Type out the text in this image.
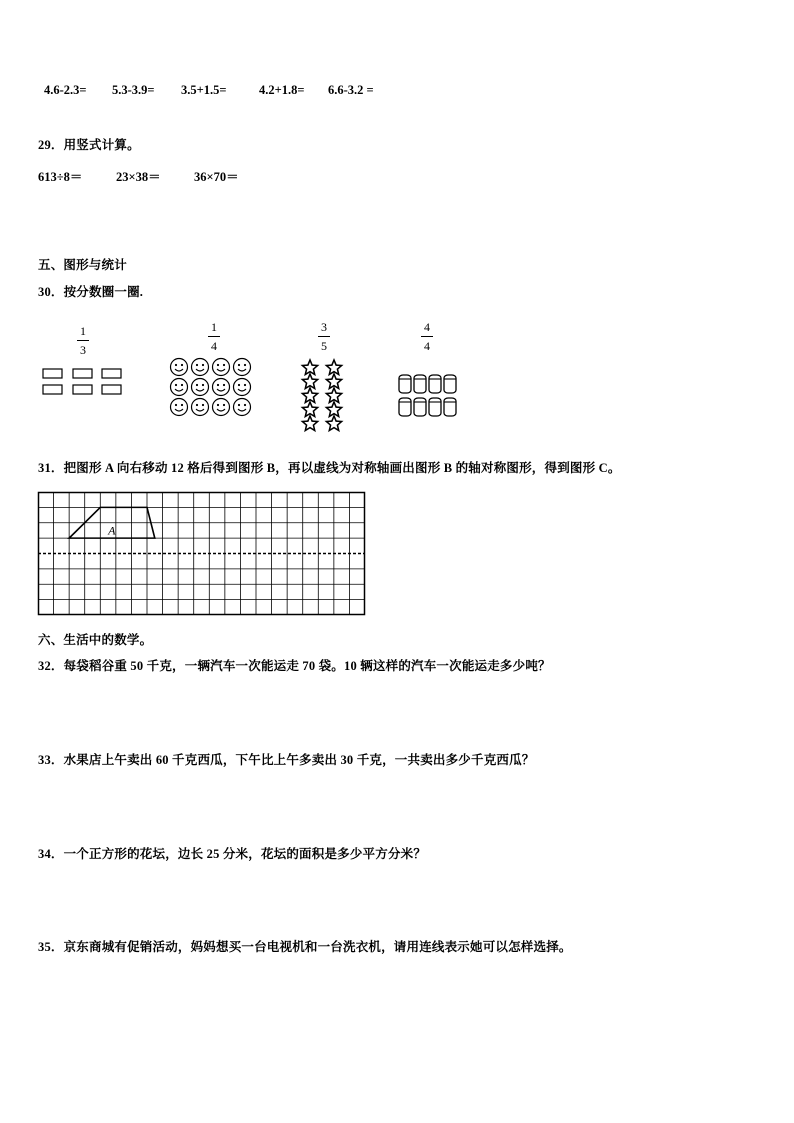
4.6-2.3= 5.3-3.9= 3.5+1.5=	4.2+1.8= 6.6-3.2 =
29．用竖式计算。
613÷8＝	23×38＝	36×70＝
五、图形与统计
30．按分数圈一圈.
1
3
1
4
3
5
4
4
31．把图形 A 向右移动 12 格后得到图形 B，再以虚线为对称轴画出图形 B 的轴对称图形，得到图形 C。
A
六、生活中的数学。
32．每袋稻谷重 50 千克，一辆汽车一次能运走 70 袋。10 辆这样的汽车一次能运走多少吨？
33．水果店上午卖出 60 千克西瓜，下午比上午多卖出 30 千克，一共卖出多少千克西瓜？
34．一个正方形的花坛，边长 25 分米，花坛的面积是多少平方分米？
35．京东商城有促销活动，妈妈想买一台电视机和一台洗衣机，请用连线表示她可以怎样选择。
